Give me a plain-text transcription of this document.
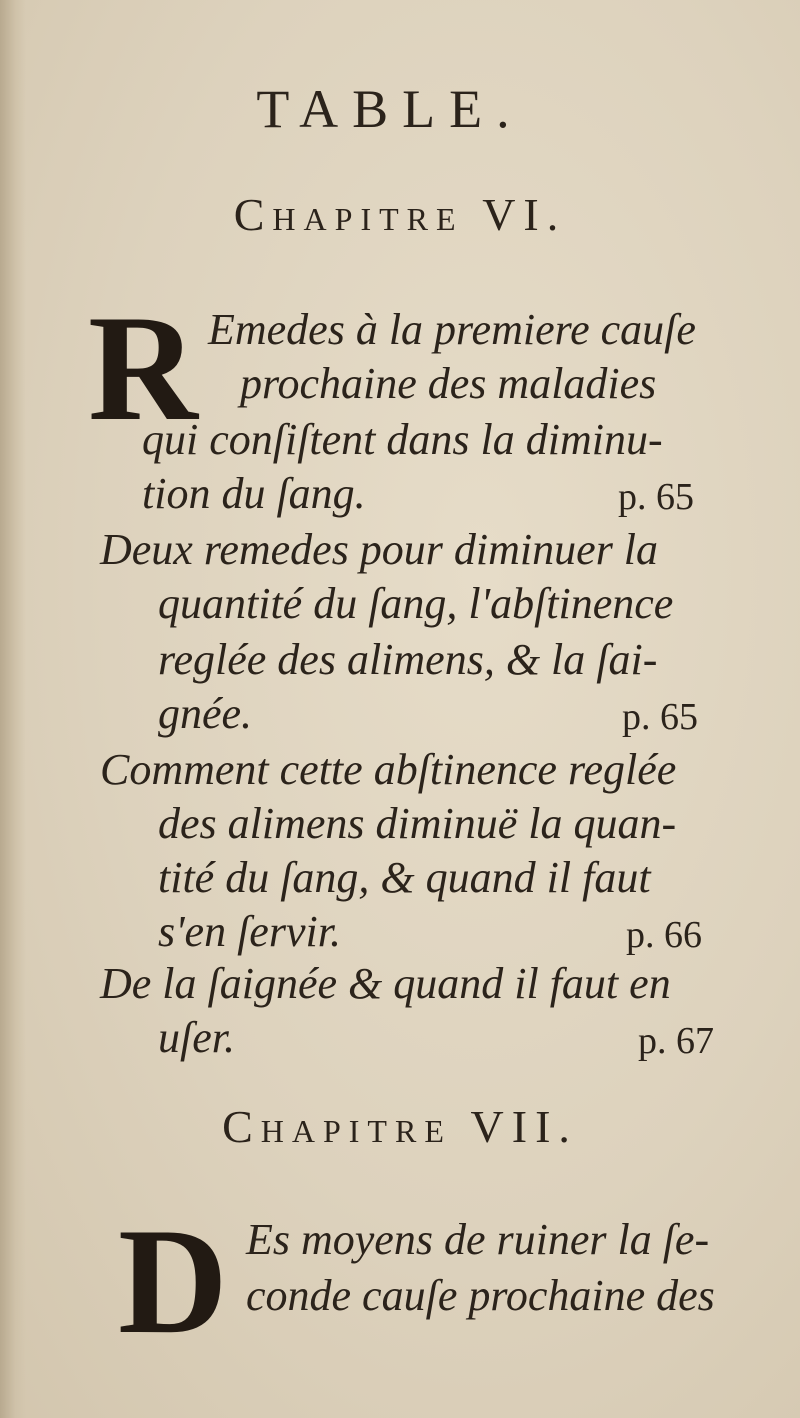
TABLE.
Chapitre VI.
R Emedes à la premiere cauſe
prochaine des maladies
qui conſiſtent dans la diminu-
tion du ſang.	p. 65
Deux remedes pour diminuer la
quantité du ſang, l'abſtinence
reglée des alimens, & la ſai-
gnée.	p. 65
Comment cette abſtinence reglée
des alimens diminuë la quan-
tité du ſang, & quand il faut
s'en ſervir.	p. 66
De la ſaignée & quand il faut en
uſer.	p. 67
Chapitre VII.
D Es moyens de ruiner la ſe-
conde cauſe prochaine des
